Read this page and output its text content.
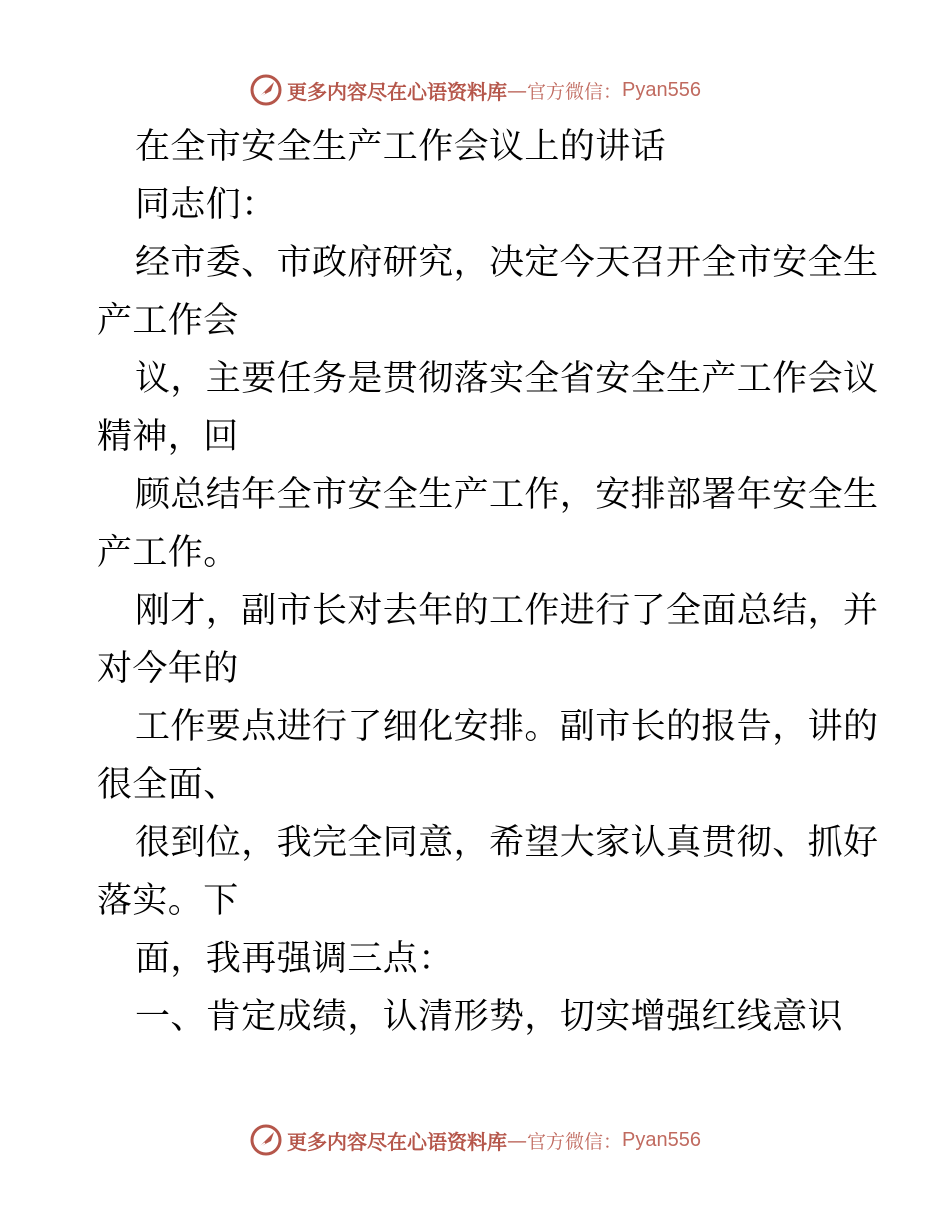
更多内容尽在心语资料库 — 官方微信： Pyan556

在全市安全生产工作会议上的讲话

同志们：

经市委、市政府研究，决定今天召开全市安全生
产工作会

议，主要任务是贯彻落实全省安全生产工作会议
精神，回

顾总结年全市安全生产工作，安排部署年安全生
产工作。

刚才，副市长对去年的工作进行了全面总结，并
对今年的

工作要点进行了细化安排。副市长的报告，讲的
很全面、

很到位，我完全同意，希望大家认真贯彻、抓好
落实。下

面，我再强调三点：

一、肯定成绩，认清形势，切实增强红线意识

更多内容尽在心语资料库 — 官方微信： Pyan556
